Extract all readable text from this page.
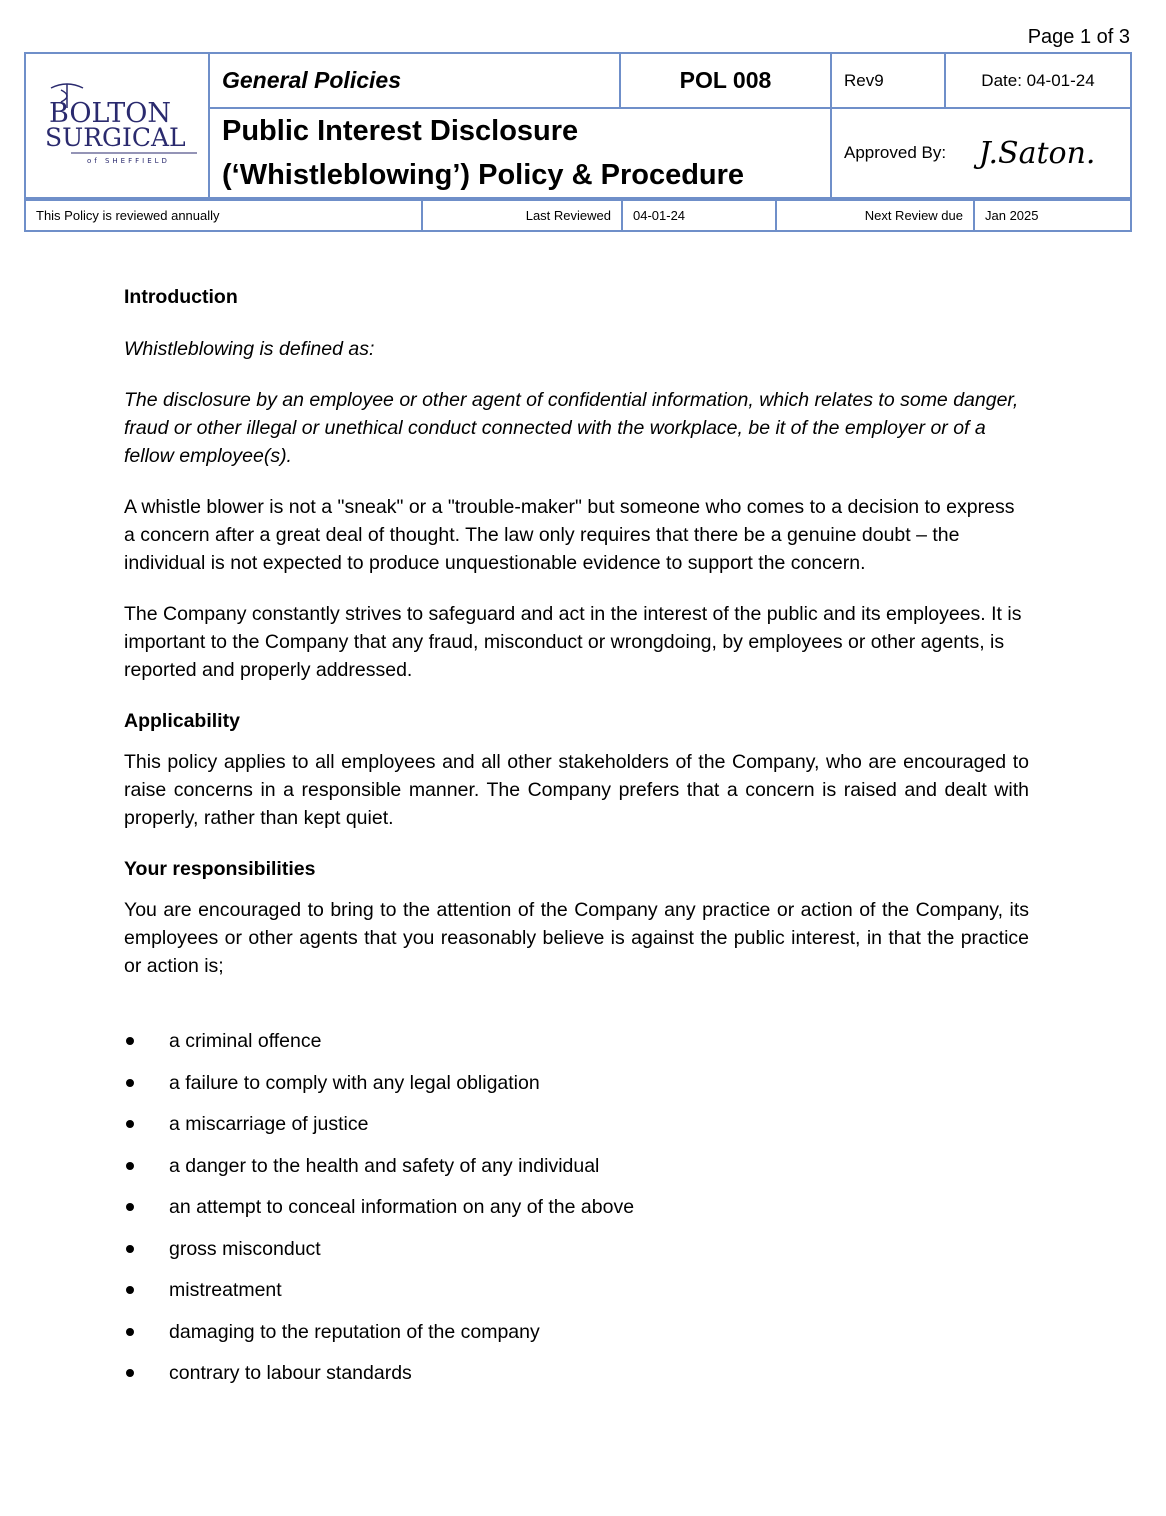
Page 1 of 3
BOLTON
SURGICAL
of SHEFFIELD	General Policies	POL 008	Rev9	Date: 04-01-24

	Public Interest Disclosure
(‘Whistleblowing’) Policy & Procedure		Approved By: J.Saton.	
This Policy is reviewed annually	Last Reviewed	04-01-24	Next Review due	Jan 2025

Introduction

Whistleblowing is defined as:

The disclosure by an employee or other agent of confidential information, which relates to some danger, fraud or other illegal or unethical conduct connected with the workplace, be it of the employer or of a fellow employee(s).

A whistle blower is not a "sneak" or a "trouble-maker" but someone who comes to a decision to express a concern after a great deal of thought. The law only requires that there be a genuine doubt – the individual is not expected to produce unquestionable evidence to support the concern.

The Company constantly strives to safeguard and act in the interest of the public and its employees. It is important to the Company that any fraud, misconduct or wrongdoing, by employees or other agents, is reported and properly addressed.

Applicability

This policy applies to all employees and all other stakeholders of the Company, who are encouraged to raise concerns in a responsible manner. The Company prefers that a concern is raised and dealt with properly, rather than kept quiet.

Your responsibilities

You are encouraged to bring to the attention of the Company any practice or action of the Company, its employees or other agents that you reasonably believe is against the public interest, in that the practice or action is;

a criminal offence
a failure to comply with any legal obligation
a miscarriage of justice
a danger to the health and safety of any individual
an attempt to conceal information on any of the above
gross misconduct
mistreatment
damaging to the reputation of the company
contrary to labour standards
